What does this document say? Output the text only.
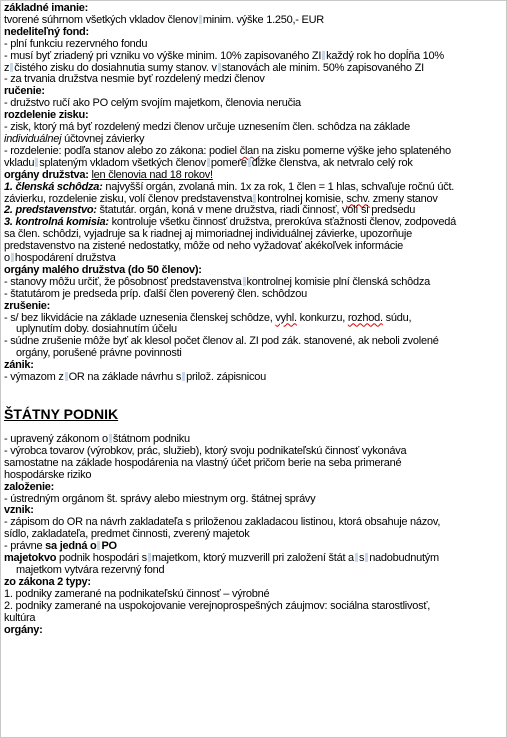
základné imanie:
tvorené súhrnom všetkých vkladov členov minim. výške 1.250,- EUR
nedeliteľný fond:
- plní funkciu rezervného fondu
- musí byť zriadený pri vzniku vo výške minim. 10% zapisovaného ZI každý rok ho dopĺňa 10%
z čistého zisku do dosiahnutia sumy stanov. v stanovách ale minim. 50% zapisovaného ZI
- za trvania družstva nesmie byť rozdelený medzi členov
ručenie:
- družstvo ručí ako PO celým svojím majetkom, členovia neručia
rozdelenie zisku:
- zisk, ktorý má byť rozdelený medzi členov určuje uznesením člen. schôdza na základe
individuálnej účtovnej závierky
- rozdelenie: podľa stanov alebo zo zákona: podiel član na zisku pomerne výške jeho splateného
vkladu splateným vkladom všetkých členov pomere dĺžke členstva, ak netvralo celý rok
orgány družstva: len členovia nad 18 rokov!
1. členská schôdza: najvyšší orgán, zvolaná min. 1x za rok, 1 člen = 1 hlas, schvaľuje ročnú účt.
závierku, rozdelenie zisku, volí členov predstavenstva kontrolnej komisie, schv. zmeny stanov
2. predstavenstvo: štatutár. orgán, koná v mene družstva, riadi činnosť, volí si predsedu
3. kontrolná komisia: kontroluje všetku činnosť družstva, prerokúva sťažnosti členov, zodpovedá
sa člen. schôdzi, vyjadruje sa k riadnej aj mimoriadnej individuálnej závierke, upozorňuje
predstavenstvo na zistené nedostatky, môže od neho vyžadovať akékoľvek informácie
o hospodárení družstva
orgány malého družstva (do 50 členov):
- stanovy môžu určiť, že pôsobnosť predstavenstva kontrolnej komisie plní členská schôdza
- štatutárom je predseda príp. ďalší člen poverený člen. schôdzou
zrušenie:
- s/ bez likvidácie na základe uznesenia členskej schôdze, vyhl. konkurzu, rozhod. súdu,
uplynutím doby. dosiahnutím účelu
- súdne zrušenie môže byť ak klesol počet členov al. ZI pod zák. stanovené, ak neboli zvolené
orgány, porušené právne povinnosti
zánik:
- výmazom z OR na základe návrhu s prilož. zápisnicou
ŠTÁTNY PODNIK
- upravený zákonom o štátnom podniku
- výrobca tovarov (výrobkov, prác, služieb), ktorý svoju podnikateľskú činnosť vykonáva
samostatne na základe hospodárenia na vlastný účet pričom berie na seba primerané
hospodárske riziko
založenie:
- ústredným orgánom št. správy alebo miestnym org. štátnej správy
vznik:
- zápisom do OR na návrh zakladateľa s priloženou zakladacou listinou, ktorá obsahuje názov,
sídlo, zakladateľa, predmet činnosti, zverený majetok
- právne sa jedná o PO
majetokvo podnik hospodári s majetkom, ktorý muzverill pri založení štát a s nadobudnutým
majetkom vytvára rezervný fond
zo zákona 2 typy:
1. podniky zamerané na podnikateľskú činnosť – výrobné
2. podniky zamerané na uspokojovanie verejnoprospešných záujmov: sociálna starostlivosť,
kultúra
orgány:
